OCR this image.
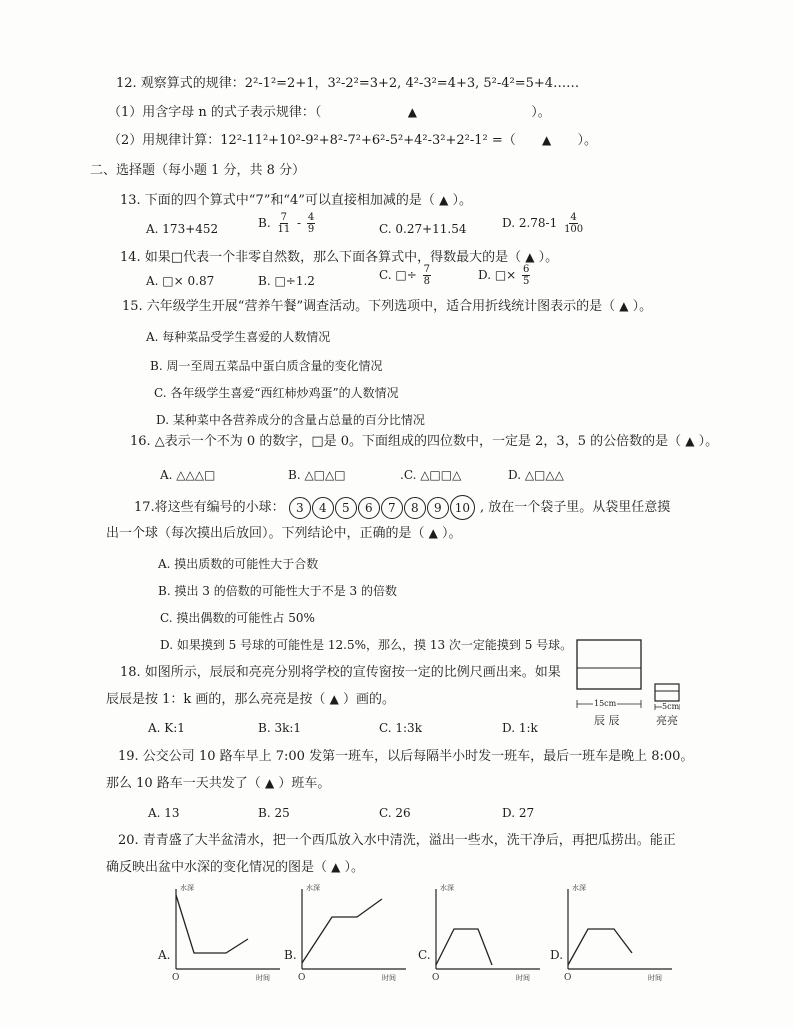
12. 观察算式的规律：2²-1²=2+1，3²-2²=3+2, 4²-3²=4+3, 5²-4²=5+4……
（1）用含字母 n 的式子表示规律：（	▲	）。
（2）用规律计算：12²-11²+10²-9²+8²-7²+6²-5²+4²-3²+2²-1² =（ ▲ ）。
二、选择题（每小题 1 分，共 8 分）
13. 下面的四个算式中“7”和“4”可以直接相加减的是（ ▲ ）。
A. 173+452	B. $\frac{7}{11} - \frac{4}{9}$	C. 0.27+11.54	D. $2.78-1 \frac{4}{100}$
14. 如果□代表一个非零自然数，那么下面各算式中，得数最大的是（ ▲ ）。
A. □× 0.87	B. □÷1.2	C. □÷ $\frac{7}{8}$	D. □× $\frac{6}{5}$
15. 六年级学生开展“营养午餐”调查活动。下列选项中，适合用折线统计图表示的是（ ▲ ）。
A. 每种菜品受学生喜爱的人数情况
B. 周一至周五菜品中蛋白质含量的变化情况
C. 各年级学生喜爱“西红柿炒鸡蛋”的人数情况
D. 某种菜中各营养成分的含量占总量的百分比情况
16. △表示一个不为 0 的数字，□是 0。下面组成的四位数中，一定是 2，3，5 的公倍数的是（ ▲ ）。
A. △△△□	B. △□△□	.C. △□□△	D. △□△△
17.将这些有编号的小球： 3 4 5 6 7 8 9 10 , 放在一个袋子里。从袋里任意摸
出一个球（每次摸出后放回）。下列结论中，正确的是（ ▲ ）。
A. 摸出质数的可能性大于合数
B. 摸出 3 的倍数的可能性大于不是 3 的倍数
C. 摸出偶数的可能性占 50%
D. 如果摸到 5 号球的可能性是 12.5%，那么，摸 13 次一定能摸到 5 号球。
18. 如图所示，辰辰和亮亮分别将学校的宣传窗按一定的比例尺画出来。如果
辰辰是按 1：k 画的，那么亮亮是按（ ▲ ）画的。
A. K:1	B. 3k:1	C. 1:3k	D. 1:k
15cm
辰 辰
5cm
亮亮
19. 公交公司 10 路车早上 7:00 发第一班车，以后每隔半小时发一班车，最后一班车是晚上 8:00。
那么 10 路车一天共发了（ ▲ ）班车。
A. 13	B. 25	C. 26	D. 27
20. 青青盛了大半盆清水，把一个西瓜放入水中清洗，溢出一些水，洗干净后，再把瓜捞出。能正
确反映出盆中水深的变化情况的图是（ ▲ ）。
水深
时间
O
A.
水深
时间
O
B.
水深
时间
O
C.
水深
时间
O
D.
